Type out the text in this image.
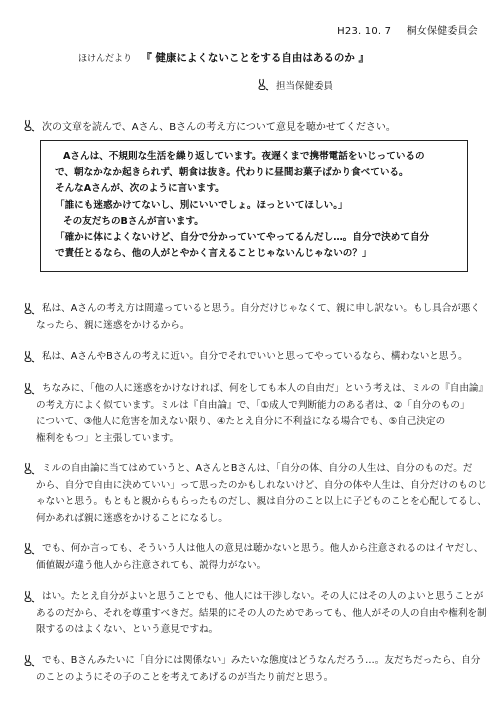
H23. 10. 7 桐女保健委員会
ほけんだより 『 健康によくないことをする自由はあるのか 』
担当保健委員
次の文章を読んで、Aさん、Bさんの考え方について意見を聴かせてください。

Aさんは、不規則な生活を繰り返しています。夜遅くまで携帯電話をいじっているの

で、朝なかなか起きられず、朝食は抜き。代わりに昼間お菓子ばかり食べている。

そんなAさんが、次のように言います。

「誰にも迷惑かけてないし、別にいいでしょ。ほっといてほしい。」

その友だちのBさんが言います。

「確かに体によくないけど、自分で分かっていてやってるんだし…。自分で決めて自分

で責任とるなら、他の人がとやかく言えることじゃないんじゃないの？」

私は、Aさんの考え方は間違っていると思う。自分だけじゃなくて、親に申し訳ない。もし具合が悪く
なったら、親に迷惑をかけるから。
私は、AさんやBさんの考えに近い。自分でそれでいいと思ってやっているなら、構わないと思う。
ちなみに、「他の人に迷惑をかけなければ、何をしても本人の自由だ」という考えは、ミルの『自由論』
の考え方によく似ています。ミルは『自由論』で、「①成人で判断能力のある者は、②「自分のもの」
について、③他人に危害を加えない限り、④たとえ自分に不利益になる場合でも、⑤自己決定の
権利をもつ」と主張しています。
ミルの自由論に当てはめていうと、AさんとBさんは、「自分の体、自分の人生は、自分のものだ。だ
から、自分で自由に決めていい」って思ったのかもしれないけど、自分の体や人生は、自分だけのものじ
ゃないと思う。もともと親からもらったものだし、親は自分のこと以上に子どものことを心配してるし、
何かあれば親に迷惑をかけることになるし。
でも、何か言っても、そういう人は他人の意見は聴かないと思う。他人から注意されるのはイヤだし、
価値観が違う他人から注意されても、説得力がない。
はい。たとえ自分がよいと思うことでも、他人には干渉しない。その人にはその人のよいと思うことが
あるのだから、それを尊重すべきだ。結果的にその人のためであっても、他人がその人の自由や権利を制
限するのはよくない、という意見ですね。
でも、Bさんみたいに「自分には関係ない」みたいな態度はどうなんだろう…。友だちだったら、自分
のことのようにその子のことを考えてあげるのが当たり前だと思う。
